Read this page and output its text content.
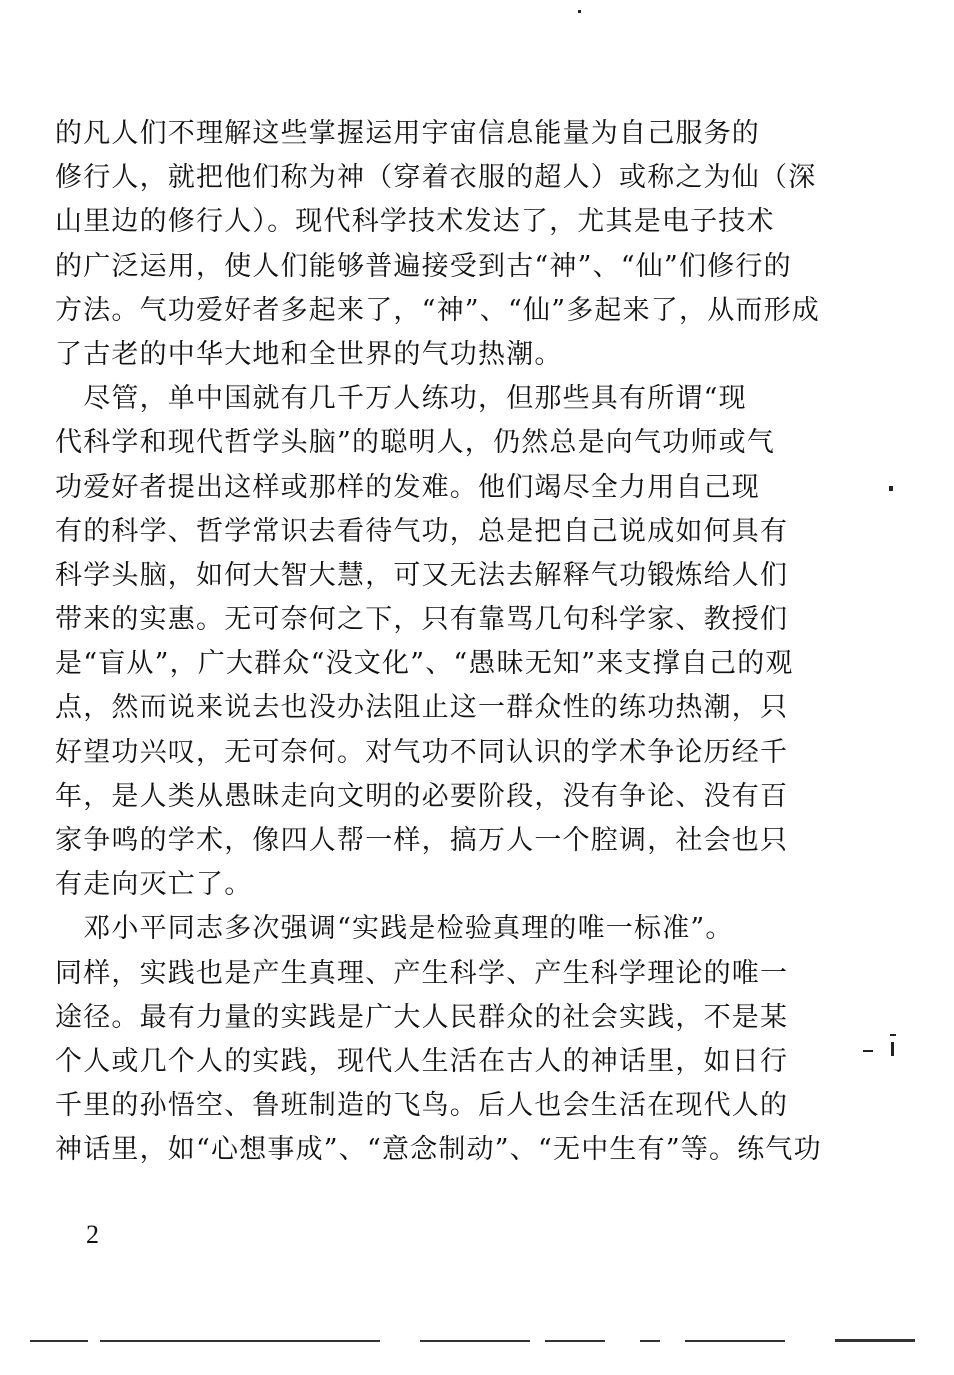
的凡人们不理解这些掌握运用宇宙信息能量为自己服务的
修行人，就把他们称为神（穿着衣服的超人）或称之为仙（深
山里边的修行人）。现代科学技术发达了，尤其是电子技术
的广泛运用，使人们能够普遍接受到古“神”、“仙”们修行的
方法。气功爱好者多起来了，“神”、“仙”多起来了，从而形成
了古老的中华大地和全世界的气功热潮。
　尽管，单中国就有几千万人练功，但那些具有所谓“现
代科学和现代哲学头脑”的聪明人，仍然总是向气功师或气
功爱好者提出这样或那样的发难。他们竭尽全力用自己现
有的科学、哲学常识去看待气功，总是把自己说成如何具有
科学头脑，如何大智大慧，可又无法去解释气功锻炼给人们
带来的实惠。无可奈何之下，只有靠骂几句科学家、教授们
是“盲从”，广大群众“没文化”、“愚昧无知”来支撑自己的观
点，然而说来说去也没办法阻止这一群众性的练功热潮，只
好望功兴叹，无可奈何。对气功不同认识的学术争论历经千
年，是人类从愚昧走向文明的必要阶段，没有争论、没有百
家争鸣的学术，像四人帮一样，搞万人一个腔调，社会也只
有走向灭亡了。
　邓小平同志多次强调“实践是检验真理的唯一标准”。
同样，实践也是产生真理、产生科学、产生科学理论的唯一
途径。最有力量的实践是广大人民群众的社会实践，不是某
个人或几个人的实践，现代人生活在古人的神话里，如日行
千里的孙悟空、鲁班制造的飞鸟。后人也会生活在现代人的
神话里，如“心想事成”、“意念制动”、“无中生有”等。练气功
2
